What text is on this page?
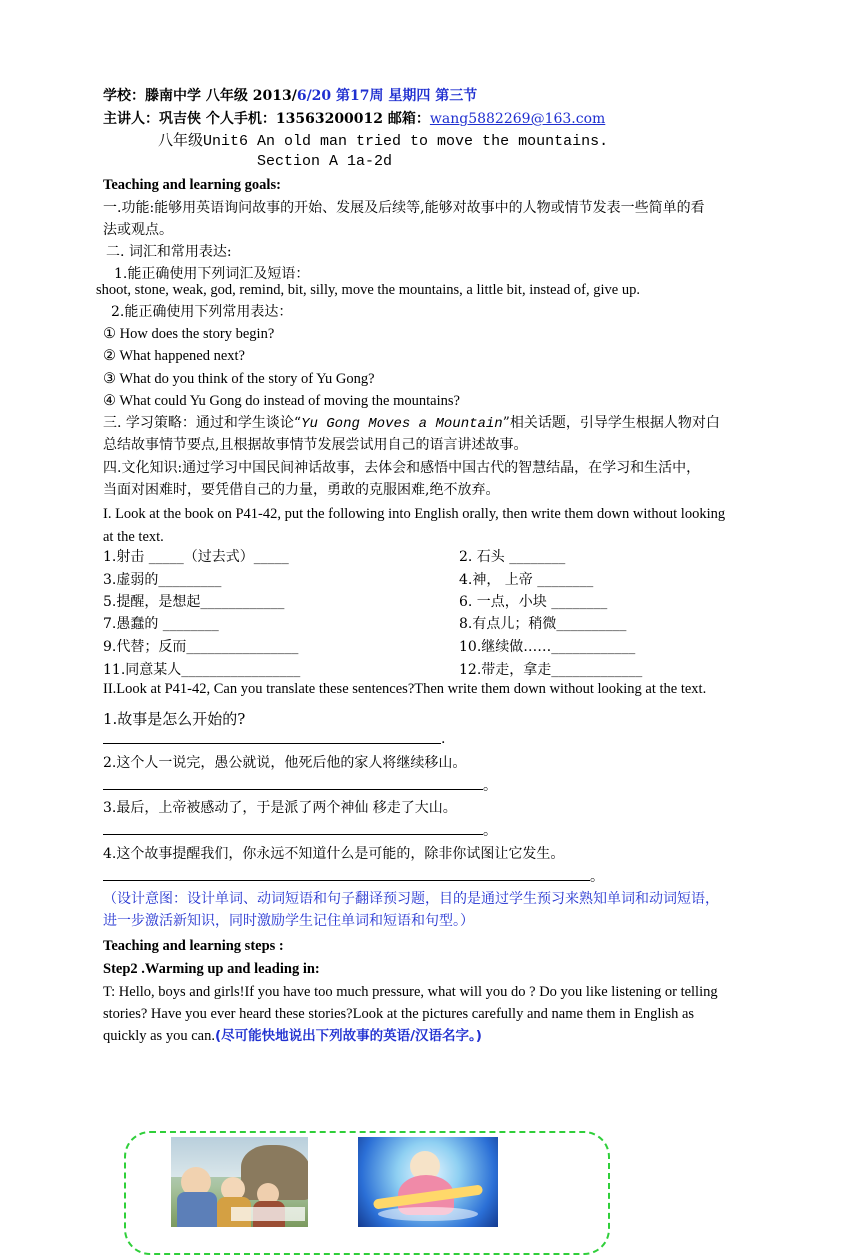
学校：滕南中学 八年级 2013/6/20 第17周 星期四 第三节
主讲人：巩吉侠 个人手机：13563200012 邮箱：wang5882269@163.com
八年级Unit6 An old man tried to move the mountains.
Section A 1a-2d
Teaching and learning goals:
一.功能:能够用英语询问故事的开始、发展及后续等,能够对故事中的人物或情节发表一些简单的看
法或观点。
二. 词汇和常用表达:
1.能正确使用下列词汇及短语：
shoot, stone, weak, god, remind, bit, silly, move the mountains, a little bit, instead of, give up.
2.能正确使用下列常用表达：
① How does the story begin?
② What happened next?
③ What do you think of the story of Yu Gong?
④ What could Yu Gong do instead of moving the mountains?
三. 学习策略：通过和学生谈论“Yu Gong Moves a Mountain”相关话题，引导学生根据人物对白
总结故事情节要点,且根据故事情节发展尝试用自己的语言讲述故事。
四.文化知识:通过学习中国民间神话故事，去体会和感悟中国古代的智慧结晶，在学习和生活中，
当面对困难时，要凭借自己的力量，勇敢的克服困难,绝不放弃。
I. Look at the book on P41-42, put the following into English orally, then write them down without looking
at the text.
1.射击 _____（过去式）_____	2. 石头 ________
3.虚弱的_________	4.神， 上帝 ________
5.提醒，是想起____________	6. 一点，小块 ________
7.愚蠢的 ________	8.有点儿；稍微__________
9.代替；反而________________	10.继续做……____________
11.同意某人_________________	12.带走，拿走_____________
II.Look at P41-42, Can you translate these sentences?Then write them down without looking at the text.
1.故事是怎么开始的?
.
2.这个人一说完，愚公就说，他死后他的家人将继续移山。
。
3.最后，上帝被感动了，于是派了两个神仙 移走了大山。
。
4.这个故事提醒我们，你永远不知道什么是可能的，除非你试图让它发生。
。
（设计意图：设计单词、动词短语和句子翻译预习题，目的是通过学生预习来熟知单词和动词短语，
进一步激活新知识，同时激励学生记住单词和短语和句型。）
Teaching and learning steps :
Step2 .Warming up and leading in:
T: Hello, boys and girls!If you have too much pressure, what will you do ? Do you like listening or telling
stories? Have you ever heard these stories?Look at the pictures carefully and name them in English as
quickly as you can.(尽可能快地说出下列故事的英语/汉语名字。)
